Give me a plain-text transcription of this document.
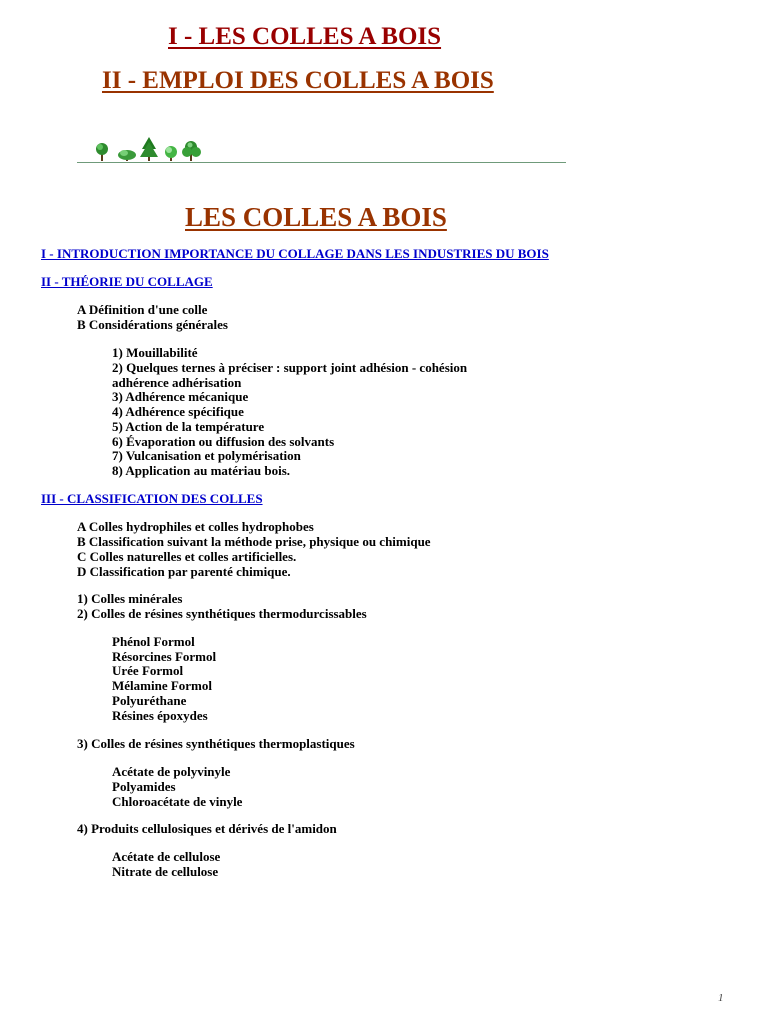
I - LES COLLES A BOIS
II - EMPLOI DES COLLES A BOIS
LES COLLES A BOIS
I - INTRODUCTION IMPORTANCE DU COLLAGE DANS LES INDUSTRIES DU BOIS
II - THÉORIE DU COLLAGE
A Définition d'une colle
B Considérations générales
1) Mouillabilité
2) Quelques ternes à préciser : support joint adhésion - cohésion
adhérence adhérisation
3) Adhérence mécanique
4) Adhérence spécifique
5) Action de la température
6) Évaporation ou diffusion des solvants
7) Vulcanisation et polymérisation
8) Application au matériau bois.
III - CLASSIFICATION DES COLLES
A Colles hydrophiles et colles hydrophobes
B Classification suivant la méthode prise, physique ou chimique
C Colles naturelles et colles artificielles.
D Classification par parenté chimique.
1) Colles minérales
2) Colles de résines synthétiques thermodurcissables
Phénol Formol
Résorcines Formol
Urée Formol
Mélamine Formol
Polyuréthane
Résines époxydes
3) Colles de résines synthétiques thermoplastiques
Acétate de polyvinyle
Polyamides
Chloroacétate de vinyle
4) Produits cellulosiques et dérivés de l'amidon
Acétate de cellulose
Nitrate de cellulose
1
